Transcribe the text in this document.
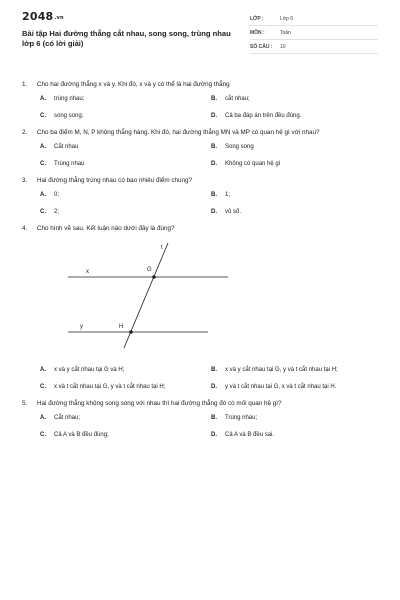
2048.vn
Bài tập Hai đường thẳng cắt nhau, song song, trùng nhau lớp 6 (có lời giải)
LỚP :	Lớp 6
MÔN :	Toán
SỐ CÂU :	10
1.	Cho hai đường thẳng x và y. Khi đó, x và y có thể là hai đường thẳng
A.	trùng nhau;	B.	cắt nhau;
C.	song song;	D.	Cả ba đáp án trên đều đúng.
2.	Cho ba điểm M, N, P không thẳng hàng. Khi đó, hai đường thẳng MN và MP có quan hệ gì với nhau?
A.	Cắt nhau	B.	Song song
C.	Trùng nhau	D.	Không có quan hệ gì
3.	Hai đường thẳng trùng nhau có bao nhiêu điểm chung?
A.	0;	B.	1;
C.	2;	D.	vô số.
4.	Cho hình vẽ sau. Kết luận nào dưới đây là đúng?
t
G
x
y	H
A.	x và y cắt nhau tại G và H;	B.	x và y cắt nhau tại G, y và t cắt nhau tại H;
C.	x và t cắt nhau tại G, y và t cắt nhau tại H;	D.	y và t cắt nhau tại G, x và t cắt nhau tại H.
5.	Hai đường thẳng không song song với nhau thì hai đường thẳng đó có mối quan hệ gì?
A.	Cắt nhau;	B.	Trùng nhau;
C.	Cả A và B đều đúng;	D.	Cả A và B đều sai.
